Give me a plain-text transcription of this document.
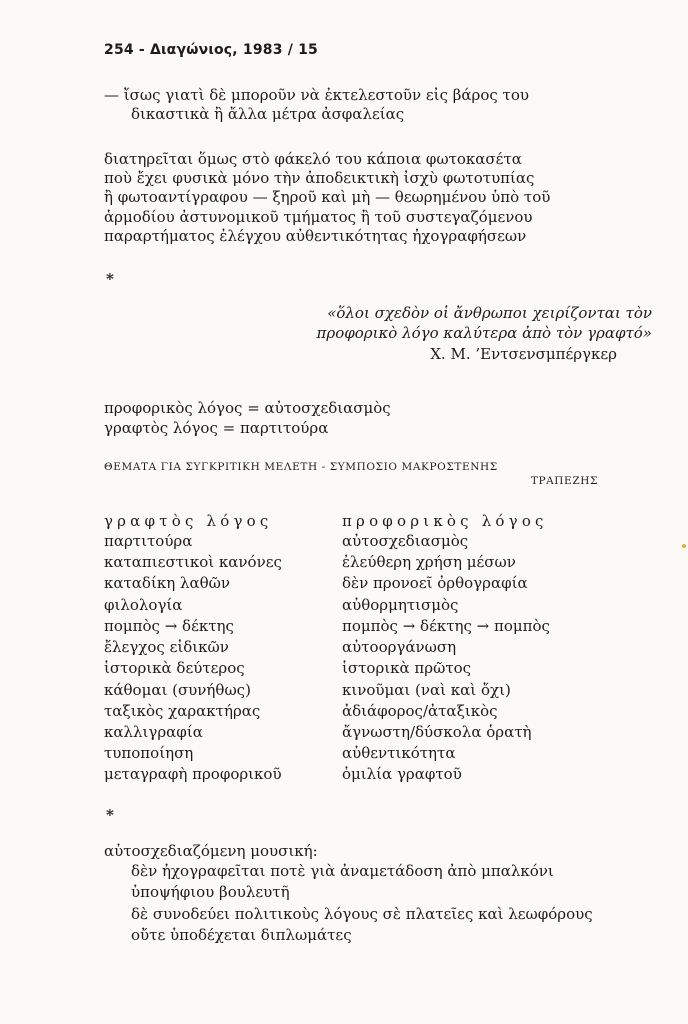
254 - Διαγώνιος, 1983 / 15
— ἴσως γιατὶ δὲ μποροῦν νὰ ἐκτελεστοῦν εἰς βάρος του
δικαστικὰ ἢ ἄλλα μέτρα ἀσφαλείας
διατηρεῖται ὅμως στὸ φάκελό του κάποια φωτοκασέτα
ποὺ ἔχει φυσικὰ μόνο τὴν ἀποδεικτικὴ ἰσχὺ φωτοτυπίας
ἢ φωτοαντίγραφου — ξηροῦ καὶ μὴ — θεωρημένου ὑπὸ τοῦ
ἁρμοδίου ἀστυνομικοῦ τμήματος ἢ τοῦ συστεγαζόμενου
παραρτήματος ἐλέγχου αὐθεντικότητας ἠχογραφήσεων
*
«ὅλοι σχεδὸν οἱ ἄνθρωποι χειρίζονται τὸν
προφορικὸ λόγο καλύτερα ἀπὸ τὸν γραφτό»
Χ. Μ. ’Εντσενσμπέργκερ
προφορικὸς λόγος = αὐτοσχεδιασμὸς
γραφτὸς λόγος = παρτιτούρα
ΘΕΜΑΤΑ ΓΙΑ ΣΥΓΚΡΙΤΙΚΗ ΜΕΛΕΤΗ - ΣΥΜΠΟΣΙΟ ΜΑΚΡΟΣΤΕΝΗΣ
ΤΡΑΠΕΖΗΣ
γραφτὸς λόγος	προφορικὸς λόγος
παρτιτούρα	αὐτοσχεδιασμὸς
καταπιεστικοὶ κανόνες	ἐλεύθερη χρήση μέσων
καταδίκη λαθῶν	δὲν προνοεῖ ὀρθογραφία
φιλολογία	αὐθορμητισμὸς
πομπὸς → δέκτης	πομπὸς → δέκτης → πομπὸς
ἔλεγχος εἰδικῶν	αὐτοοργάνωση
ἱστορικὰ δεύτερος	ἱστορικὰ πρῶτος
κάθομαι (συνήθως)	κινοῦμαι (ναὶ καὶ ὄχι)
ταξικὸς χαρακτήρας	ἀδιάφορος/ἀταξικὸς
καλλιγραφία	ἄγνωστη/δύσκολα ὁρατὴ
τυποποίηση	αὐθεντικότητα
μεταγραφὴ προφορικοῦ	ὁμιλία γραφτοῦ
*
αὐτοσχεδιαζόμενη μουσική:
δὲν ἠχογραφεῖται ποτὲ γιὰ ἀναμετάδοση ἀπὸ μπαλκόνι
ὑποψήφιου βουλευτῆ
δὲ συνοδεύει πολιτικοὺς λόγους σὲ πλατεῖες καὶ λεωφόρους
οὔτε ὑποδέχεται διπλωμάτες
